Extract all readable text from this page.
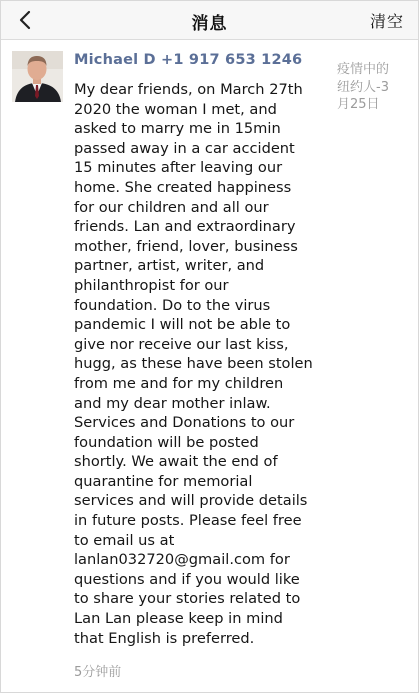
消息	清空
Michael D +1 917 653 1246

My dear friends, on March 27th
2020 the woman I met, and
asked to marry me in 15min
passed away in a car accident
15 minutes after leaving our
home. She created happiness
for our children and all our
friends. Lan and extraordinary
mother, friend, lover, business
partner, artist, writer, and
philanthropist for our
foundation. Do to the virus
pandemic I will not be able to
give nor receive our last kiss,
hugg, as these have been stolen
from me and for my children
and my dear mother inlaw.
Services and Donations to our
foundation will be posted
shortly. We await the end of
quarantine for memorial
services and will provide details
in future posts. Please feel free
to email us at
lanlan032720@gmail.com for
questions and if you would like
to share your stories related to
Lan Lan please keep in mind
that English is preferred.

5分钟前

疫情中的
纽约人-3
月25日
